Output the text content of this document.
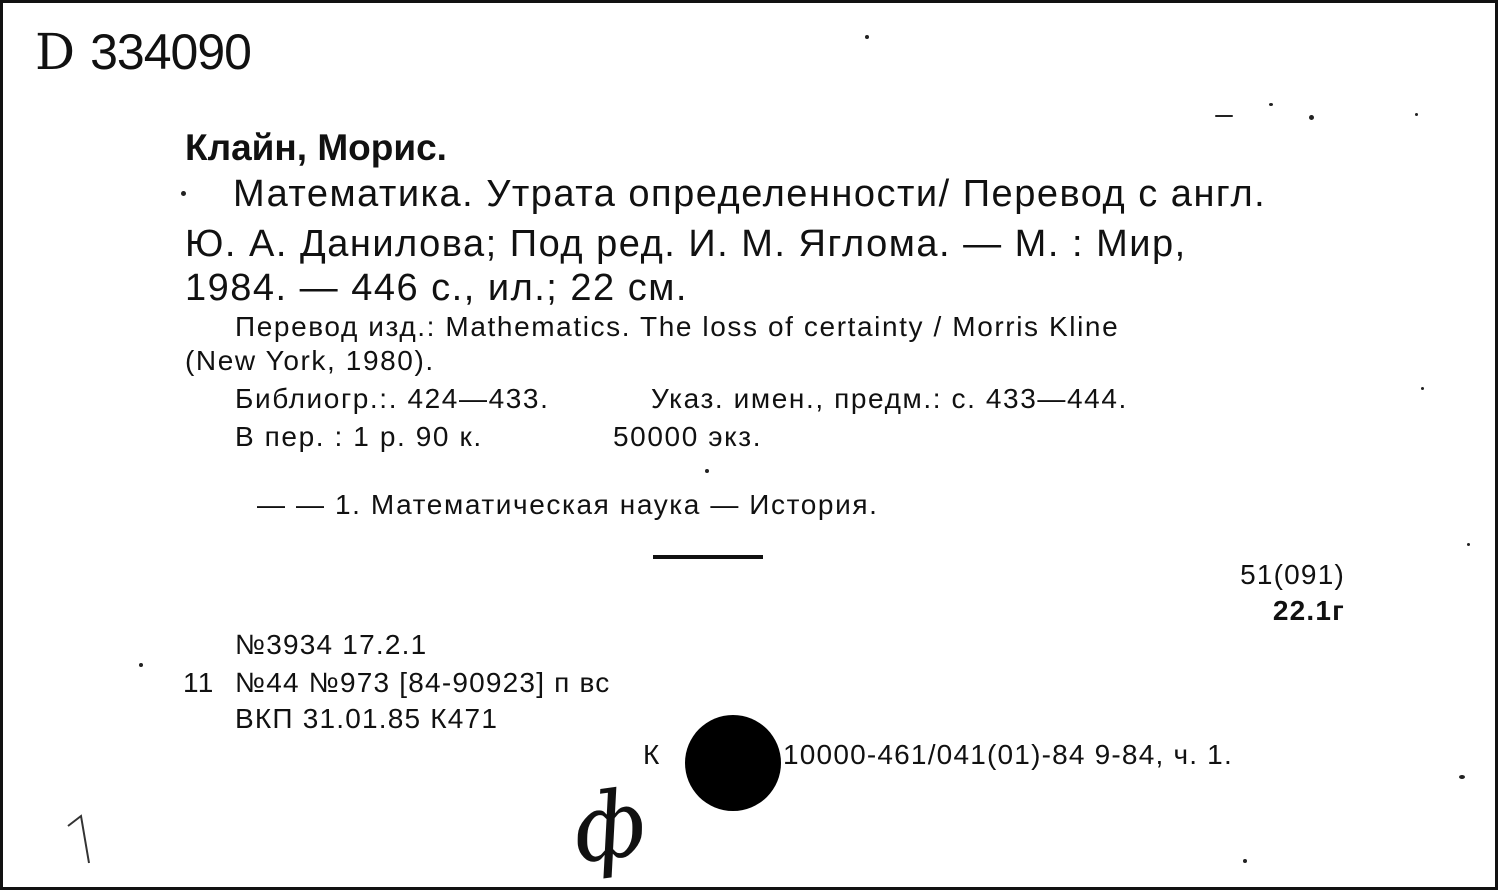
D 334090
Клайн, Морис.
Математика. Утрата определенности/ Перевод с англ.
Ю. А. Данилова; Под ред. И. М. Яглома. — М. : Мир,
1984. — 446 с., ил.; 22 см.
Перевод изд.: Mathematics. The loss of certainty / Morris Kline
(New York, 1980).
Библиогр.:. 424—433.	Указ. имен., предм.: с. 433—444.
В пер. : 1 р. 90 к.	50000 экз.
— — 1. Математическая наука — История.
51(091)
22.1г
№3934 17.2.1
11 №44 №973 [84-90923] п вс
ВКП 31.01.85 К471
К	10000-461/041(01)-84 9-84, ч. 1.
ф
